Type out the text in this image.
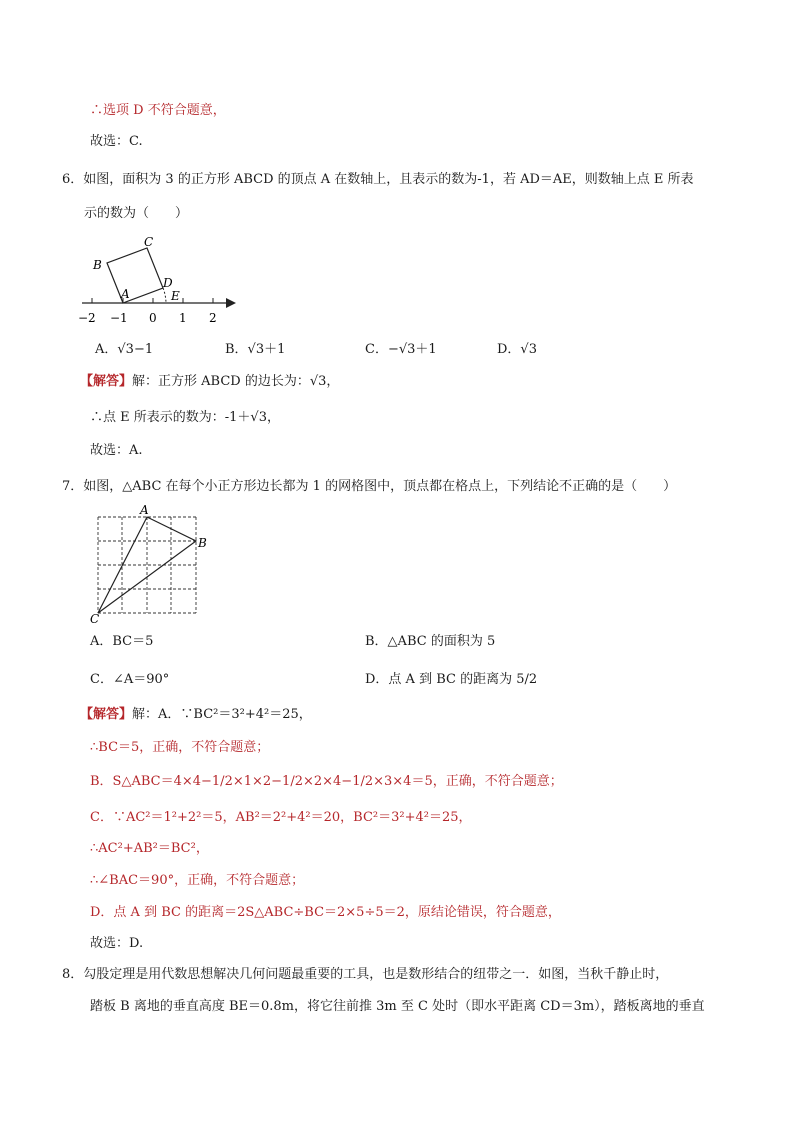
∴选项 D 不符合题意，
故选：C.
6．如图，面积为 3 的正方形 ABCD 的顶点 A 在数轴上，且表示的数为-1，若 AD＝AE，则数轴上点 E 所表
示的数为（　　）
−2 −1 0 1 2
A
B
C
D
E
A．√3−1	B．√3＋1	C．−√3＋1	D．√3
【解答】解：正方形 ABCD 的边长为：√3，
∴点 E 所表示的数为：-1＋√3，
故选：A.
7．如图，△ABC 在每个小正方形边长都为 1 的网格图中，顶点都在格点上，下列结论不正确的是（　　）
A
B
C
A．BC＝5	B．△ABC 的面积为 5
C．∠A＝90°	D．点 A 到 BC 的距离为 5/2
【解答】解：A．∵BC²＝3²+4²＝25，
∴BC＝5，正确，不符合题意；
B．S△ABC＝4×4−1/2×1×2−1/2×2×4−1/2×3×4＝5，正确，不符合题意；
C．∵AC²＝1²+2²＝5，AB²＝2²+4²＝20，BC²＝3²+4²＝25，
∴AC²+AB²＝BC²，
∴∠BAC＝90°，正确，不符合题意；
D．点 A 到 BC 的距离＝2S△ABC÷BC＝2×5÷5＝2，原结论错误，符合题意，
故选：D.
8．勾股定理是用代数思想解决几何问题最重要的工具，也是数形结合的纽带之一．如图，当秋千静止时，
踏板 B 离地的垂直高度 BE＝0.8m，将它往前推 3m 至 C 处时（即水平距离 CD＝3m），踏板离地的垂直
